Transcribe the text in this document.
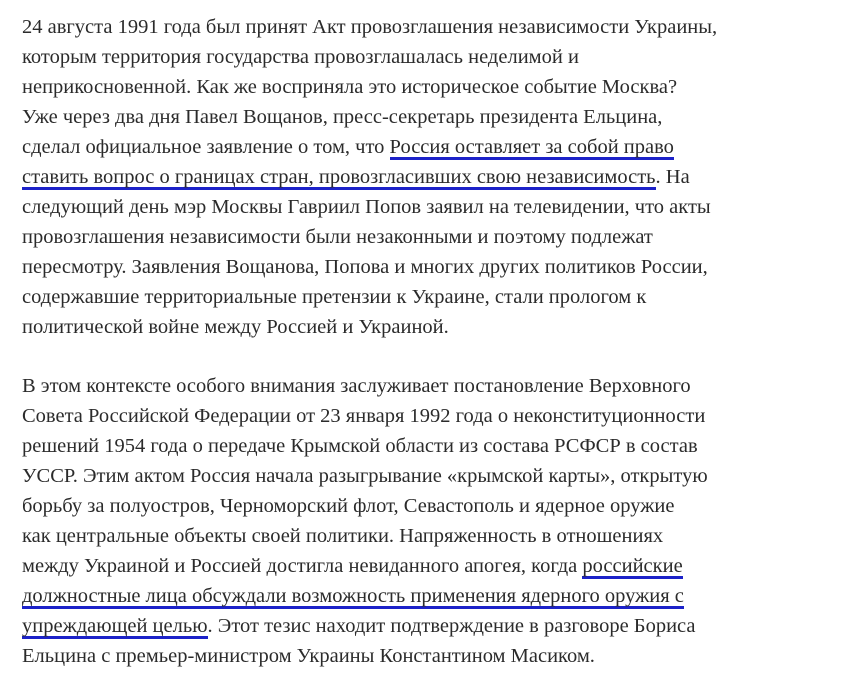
24 августа 1991 года был принят Акт провозглашения независимости Украины,
которым территория государства провозглашалась неделимой и
неприкосновенной. Как же восприняла это историческое событие Москва?
Уже через два дня Павел Вощанов, пресс-секретарь президента Ельцина,
сделал официальное заявление о том, что Россия оставляет за собой право
ставить вопрос о границах стран, провозгласивших свою независимость. На
следующий день мэр Москвы Гавриил Попов заявил на телевидении, что акты
провозглашения независимости были незаконными и поэтому подлежат
пересмотру. Заявления Вощанова, Попова и многих других политиков России,
содержавшие территориальные претензии к Украине, стали прологом к
политической войне между Россией и Украиной.

В этом контексте особого внимания заслуживает постановление Верховного
Совета Российской Федерации от 23 января 1992 года о неконституционности
решений 1954 года о передаче Крымской области из состава РСФСР в состав
УССР. Этим актом Россия начала разыгрывание «крымской карты», открытую
борьбу за полуостров, Черноморский флот, Севастополь и ядерное оружие
как центральные объекты своей политики. Напряженность в отношениях
между Украиной и Россией достигла невиданного апогея, когда российские
должностные лица обсуждали возможность применения ядерного оружия с
упреждающей целью. Этот тезис находит подтверждение в разговоре Бориса
Ельцина с премьер-министром Украины Константином Масиком.
